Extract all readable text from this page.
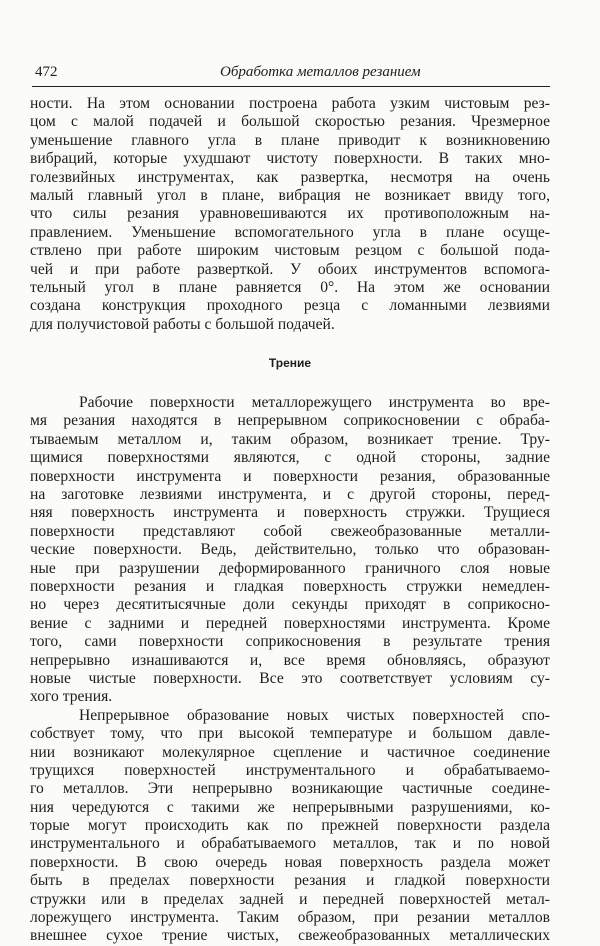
472	Обработка металлов резанием
ности. На этом основании построена работа узким чистовым рез-
цом с малой подачей и большой скоростью резания. Чрезмерное
уменьшение главного угла в плане приводит к возникновению
вибраций, которые ухудшают чистоту поверхности. В таких мно-
голезвийных инструментах, как развертка, несмотря на очень
малый главный угол в плане, вибрация не возникает ввиду того,
что силы резания уравновешиваются их противоположным на-
правлением. Уменьшение вспомогательного угла в плане осуще-
ствлено при работе широким чистовым резцом с большой пода-
чей и при работе разверткой. У обоих инструментов вспомога-
тельный угол в плане равняется 0°. На этом же основании
создана конструкция проходного резца с ломанными лезвиями
для получистовой работы с большой подачей.
Трение
Рабочие поверхности металлорежущего инструмента во вре-
мя резания находятся в непрерывном соприкосновении с обраба-
тываемым металлом и, таким образом, возникает трение. Тру-
щимися поверхностями являются, с одной стороны, задние
поверхности инструмента и поверхности резания, образованные
на заготовке лезвиями инструмента, и с другой стороны, перед-
няя поверхность инструмента и поверхность стружки. Трущиеся
поверхности представляют собой свежеобразованные металли-
ческие поверхности. Ведь, действительно, только что образован-
ные при разрушении деформированного граничного слоя новые
поверхности резания и гладкая поверхность стружки немедлен-
но через десятитысячные доли секунды приходят в соприкосно-
вение с задними и передней поверхностями инструмента. Кроме
того, сами поверхности соприкосновения в результате трения
непрерывно изнашиваются и, все время обновляясь, образуют
новые чистые поверхности. Все это соответствует условиям су-
хого трения.
Непрерывное образование новых чистых поверхностей спо-
собствует тому, что при высокой температуре и большом давле-
нии возникают молекулярное сцепление и частичное соединение
трущихся поверхностей инструментального и обрабатываемо-
го металлов. Эти непрерывно возникающие частичные соедине-
ния чередуются с такими же непрерывными разрушениями, ко-
торые могут происходить как по прежней поверхности раздела
инструментального и обрабатываемого металлов, так и по новой
поверхности. В свою очередь новая поверхность раздела может
быть в пределах поверхности резания и гладкой поверхности
стружки или в пределах задней и передней поверхностей метал-
лорежущего инструмента. Таким образом, при резании металлов
внешнее сухое трение чистых, свежеобразованных металлических
